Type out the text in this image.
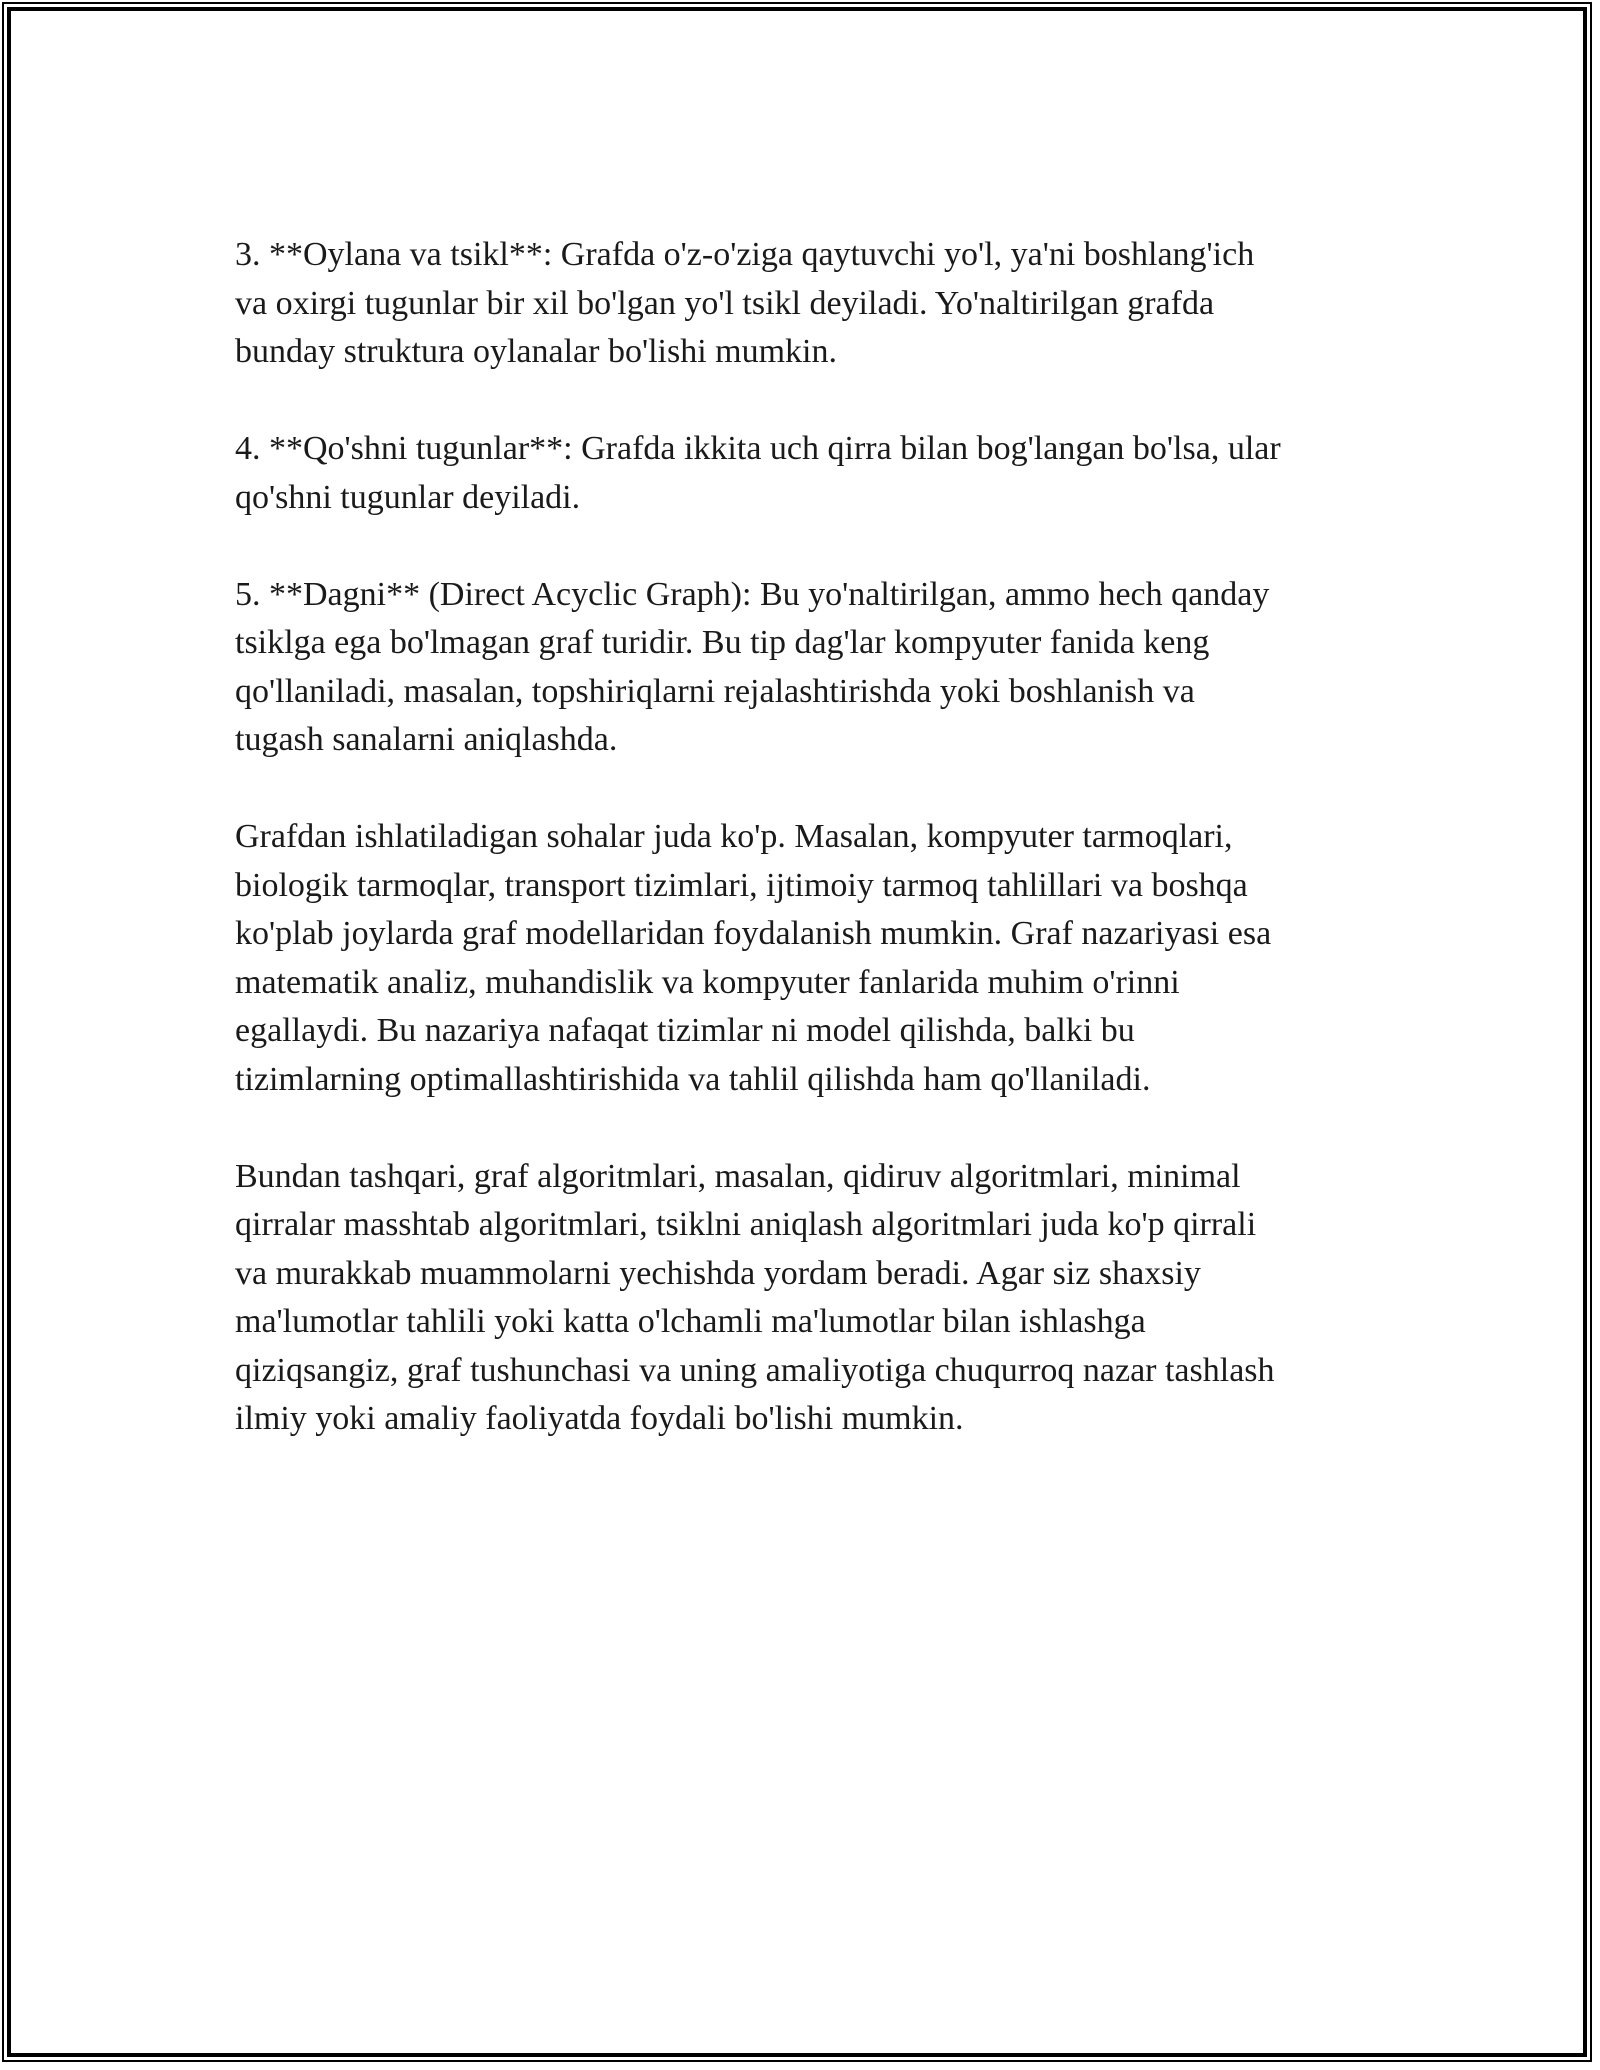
3. **Oylana va tsikl**: Grafda o'z-o'ziga qaytuvchi yo'l, ya'ni boshlang'ich
va oxirgi tugunlar bir xil bo'lgan yo'l tsikl deyiladi. Yo'naltirilgan grafda
bunday struktura oylanalar bo'lishi mumkin.

4. **Qo'shni tugunlar**: Grafda ikkita uch qirra bilan bog'langan bo'lsa, ular
qo'shni tugunlar deyiladi.

5. **Dagni** (Direct Acyclic Graph): Bu yo'naltirilgan, ammo hech qanday
tsiklga ega bo'lmagan graf turidir. Bu tip dag'lar kompyuter fanida keng
qo'llaniladi, masalan, topshiriqlarni rejalashtirishda yoki boshlanish va
tugash sanalarni aniqlashda.

Grafdan ishlatiladigan sohalar juda ko'p. Masalan, kompyuter tarmoqlari,
biologik tarmoqlar, transport tizimlari, ijtimoiy tarmoq tahlillari va boshqa
ko'plab joylarda graf modellaridan foydalanish mumkin. Graf nazariyasi esa
matematik analiz, muhandislik va kompyuter fanlarida muhim o'rinni
egallaydi. Bu nazariya nafaqat tizimlar ni model qilishda, balki bu
tizimlarning optimallashtirishida va tahlil qilishda ham qo'llaniladi.

Bundan tashqari, graf algoritmlari, masalan, qidiruv algoritmlari, minimal
qirralar masshtab algoritmlari, tsiklni aniqlash algoritmlari juda ko'p qirrali
va murakkab muammolarni yechishda yordam beradi. Agar siz shaxsiy
ma'lumotlar tahlili yoki katta o'lchamli ma'lumotlar bilan ishlashga
qiziqsangiz, graf tushunchasi va uning amaliyotiga chuqurroq nazar tashlash
ilmiy yoki amaliy faoliyatda foydali bo'lishi mumkin.
